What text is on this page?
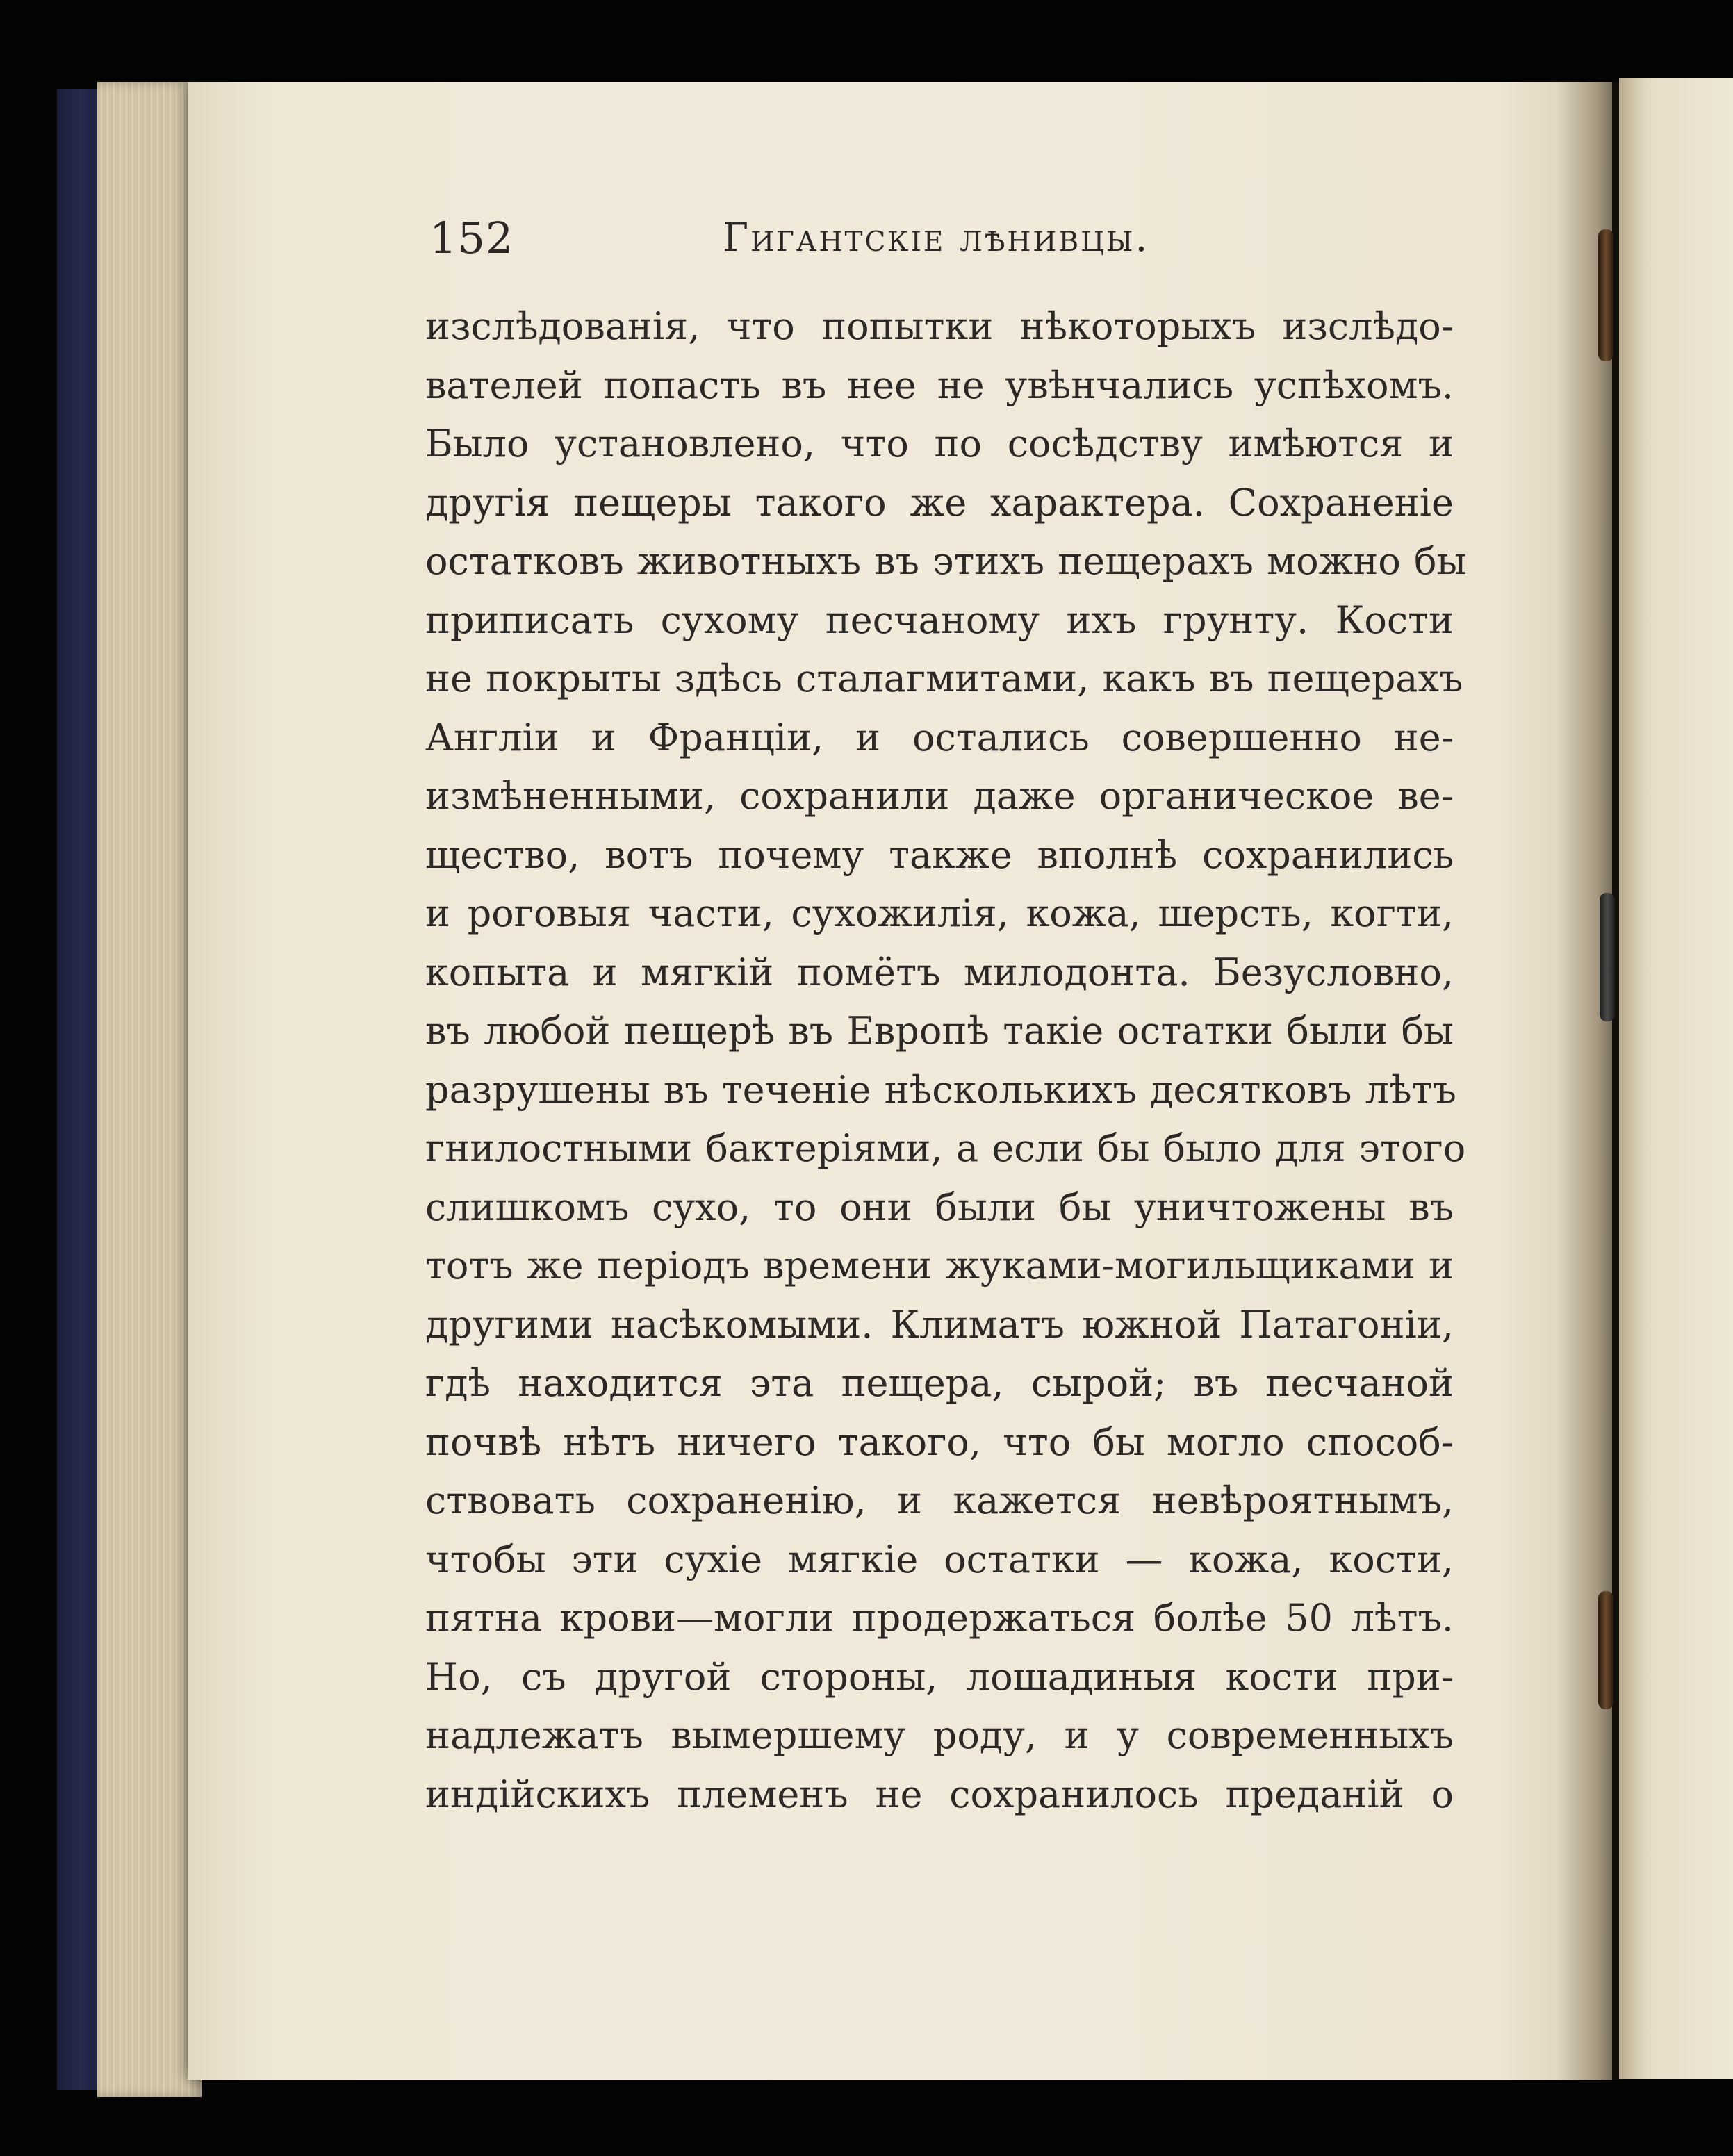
152	Гигантскiе лѣнивцы.
изслѣдованiя, что попытки нѣкоторыхъ изслѣдо-
вателей попасть въ нее не увѣнчались успѣхомъ.
Было установлено, что по сосѣдству имѣются и
другiя пещеры такого же характера. Сохраненiе
остатковъ животныхъ въ этихъ пещерахъ можно бы
приписать сухому песчаному ихъ грунту. Кости
не покрыты здѣсь сталагмитами, какъ въ пещерахъ
Англiи и Францiи, и остались совершенно не-
измѣненными, сохранили даже органическое ве-
щество, вотъ почему также вполнѣ сохранились
и роговыя части, сухожилiя, кожа, шерсть, когти,
копыта и мягкiй помётъ милодонта. Безусловно,
въ любой пещерѣ въ Европѣ такiе остатки были бы
разрушены въ теченiе нѣсколькихъ десятковъ лѣтъ
гнилостными бактерiями, а если бы было для этого
слишкомъ сухо, то они были бы уничтожены въ
тотъ же перiодъ времени жуками-могильщиками и
другими насѣкомыми. Климатъ южной Патагонiи,
гдѣ находится эта пещера, сырой; въ песчаной
почвѣ нѣтъ ничего такого, что бы могло способ-
ствовать сохраненiю, и кажется невѣроятнымъ,
чтобы эти сухiе мягкiе остатки — кожа, кости,
пятна крови—могли продержаться болѣе 50 лѣтъ.
Но, съ другой стороны, лошадиныя кости при-
надлежатъ вымершему роду, и у современныхъ
индiйскихъ племенъ не сохранилось преданiй о
